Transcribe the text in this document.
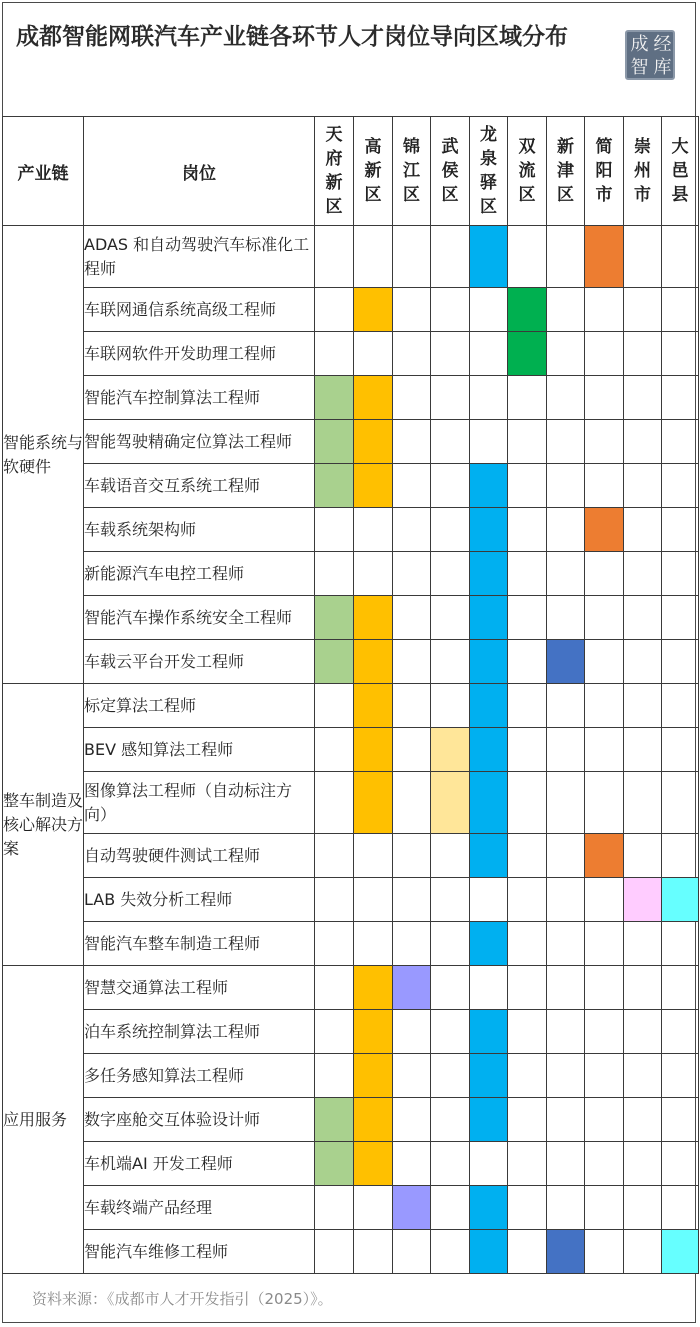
成都智能网联汽车产业链各环节人才岗位导向区域分布	成 经
智 库
产业链	岗位	天府新区	高新区	锦江区	武侯区	龙泉驿区	双流区	新津区	简阳市	崇州市	大邑县
智能系统与软硬件	ADAS 和自动驾驶汽车标准化工程师										
	车联网通信系统高级工程师										
	车联网软件开发助理工程师										
	智能汽车控制算法工程师										
	智能驾驶精确定位算法工程师										
	车载语音交互系统工程师										
	车载系统架构师										
	新能源汽车电控工程师										
	智能汽车操作系统安全工程师										
	车载云平台开发工程师										
整车制造及核心解决方案	标定算法工程师										
	BEV 感知算法工程师										
	图像算法工程师（自动标注方向）										
	自动驾驶硬件测试工程师										
	LAB 失效分析工程师										
	智能汽车整车制造工程师										
应用服务	智慧交通算法工程师										
	泊车系统控制算法工程师										
	多任务感知算法工程师										
	数字座舱交互体验设计师										
	车机端AI 开发工程师										
	车载终端产品经理										
	智能汽车维修工程师										
资料来源：《成都市人才开发指引（2025）》。
